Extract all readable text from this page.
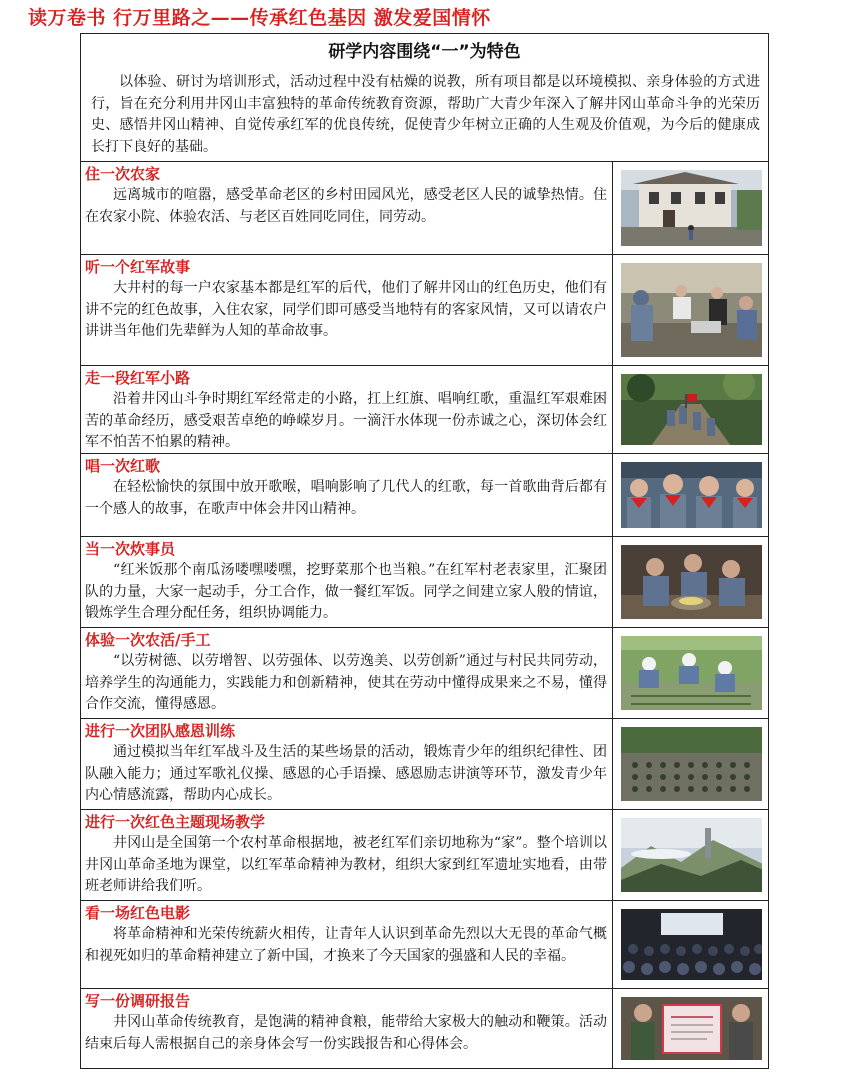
读万卷书 行万里路之——传承红色基因 激发爱国情怀
研学内容围绕“一”为特色
以体验、研讨为培训形式，活动过程中没有枯燥的说教，所有项目都是以环境模拟、亲身体验的方式进行，旨在充分利用井冈山丰富独特的革命传统教育资源，帮助广大青少年深入了解井冈山革命斗争的光荣历史、感悟井冈山精神、自觉传承红军的优良传统，促使青少年树立正确的人生观及价值观，为今后的健康成长打下良好的基础。
住一次农家
远离城市的喧嚣，感受革命老区的乡村田园风光，感受老区人民的诚挚热情。住在农家小院、体验农活、与老区百姓同吃同住，同劳动。
听一个红军故事
大井村的每一户农家基本都是红军的后代，他们了解井冈山的红色历史，他们有讲不完的红色故事，入住农家，同学们即可感受当地特有的客家风情，又可以请农户讲讲当年他们先辈鲜为人知的革命故事。
走一段红军小路
沿着井冈山斗争时期红军经常走的小路，扛上红旗、唱响红歌，重温红军艰难困苦的革命经历，感受艰苦卓绝的峥嵘岁月。一滴汗水体现一份赤诚之心，深切体会红军不怕苦不怕累的精神。
唱一次红歌
在轻松愉快的氛围中放开歌喉，唱响影响了几代人的红歌，每一首歌曲背后都有一个感人的故事，在歌声中体会井冈山精神。
当一次炊事员
“红米饭那个南瓜汤喽嘿喽嘿，挖野菜那个也当粮。”在红军村老表家里，汇聚团队的力量，大家一起动手，分工合作，做一餐红军饭。同学之间建立家人般的情谊，锻炼学生合理分配任务，组织协调能力。
体验一次农活/手工
“以劳树德、以劳增智、以劳强体、以劳逸美、以劳创新”通过与村民共同劳动，培养学生的沟通能力，实践能力和创新精神，使其在劳动中懂得成果来之不易，懂得合作交流，懂得感恩。
进行一次团队感恩训练
通过模拟当年红军战斗及生活的某些场景的活动，锻炼青少年的组织纪律性、团队融入能力；通过军歌礼仪操、感恩的心手语操、感恩励志讲演等环节，激发青少年内心情感流露，帮助内心成长。
进行一次红色主题现场教学
井冈山是全国第一个农村革命根据地，被老红军们亲切地称为“家”。整个培训以井冈山革命圣地为课堂，以红军革命精神为教材，组织大家到红军遗址实地看，由带班老师讲给我们听。
看一场红色电影
将革命精神和光荣传统薪火相传，让青年人认识到革命先烈以大无畏的革命气概和视死如归的革命精神建立了新中国，才换来了今天国家的强盛和人民的幸福。
写一份调研报告
井冈山革命传统教育，是饱满的精神食粮，能带给大家极大的触动和鞭策。活动结束后每人需根据自己的亲身体会写一份实践报告和心得体会。
